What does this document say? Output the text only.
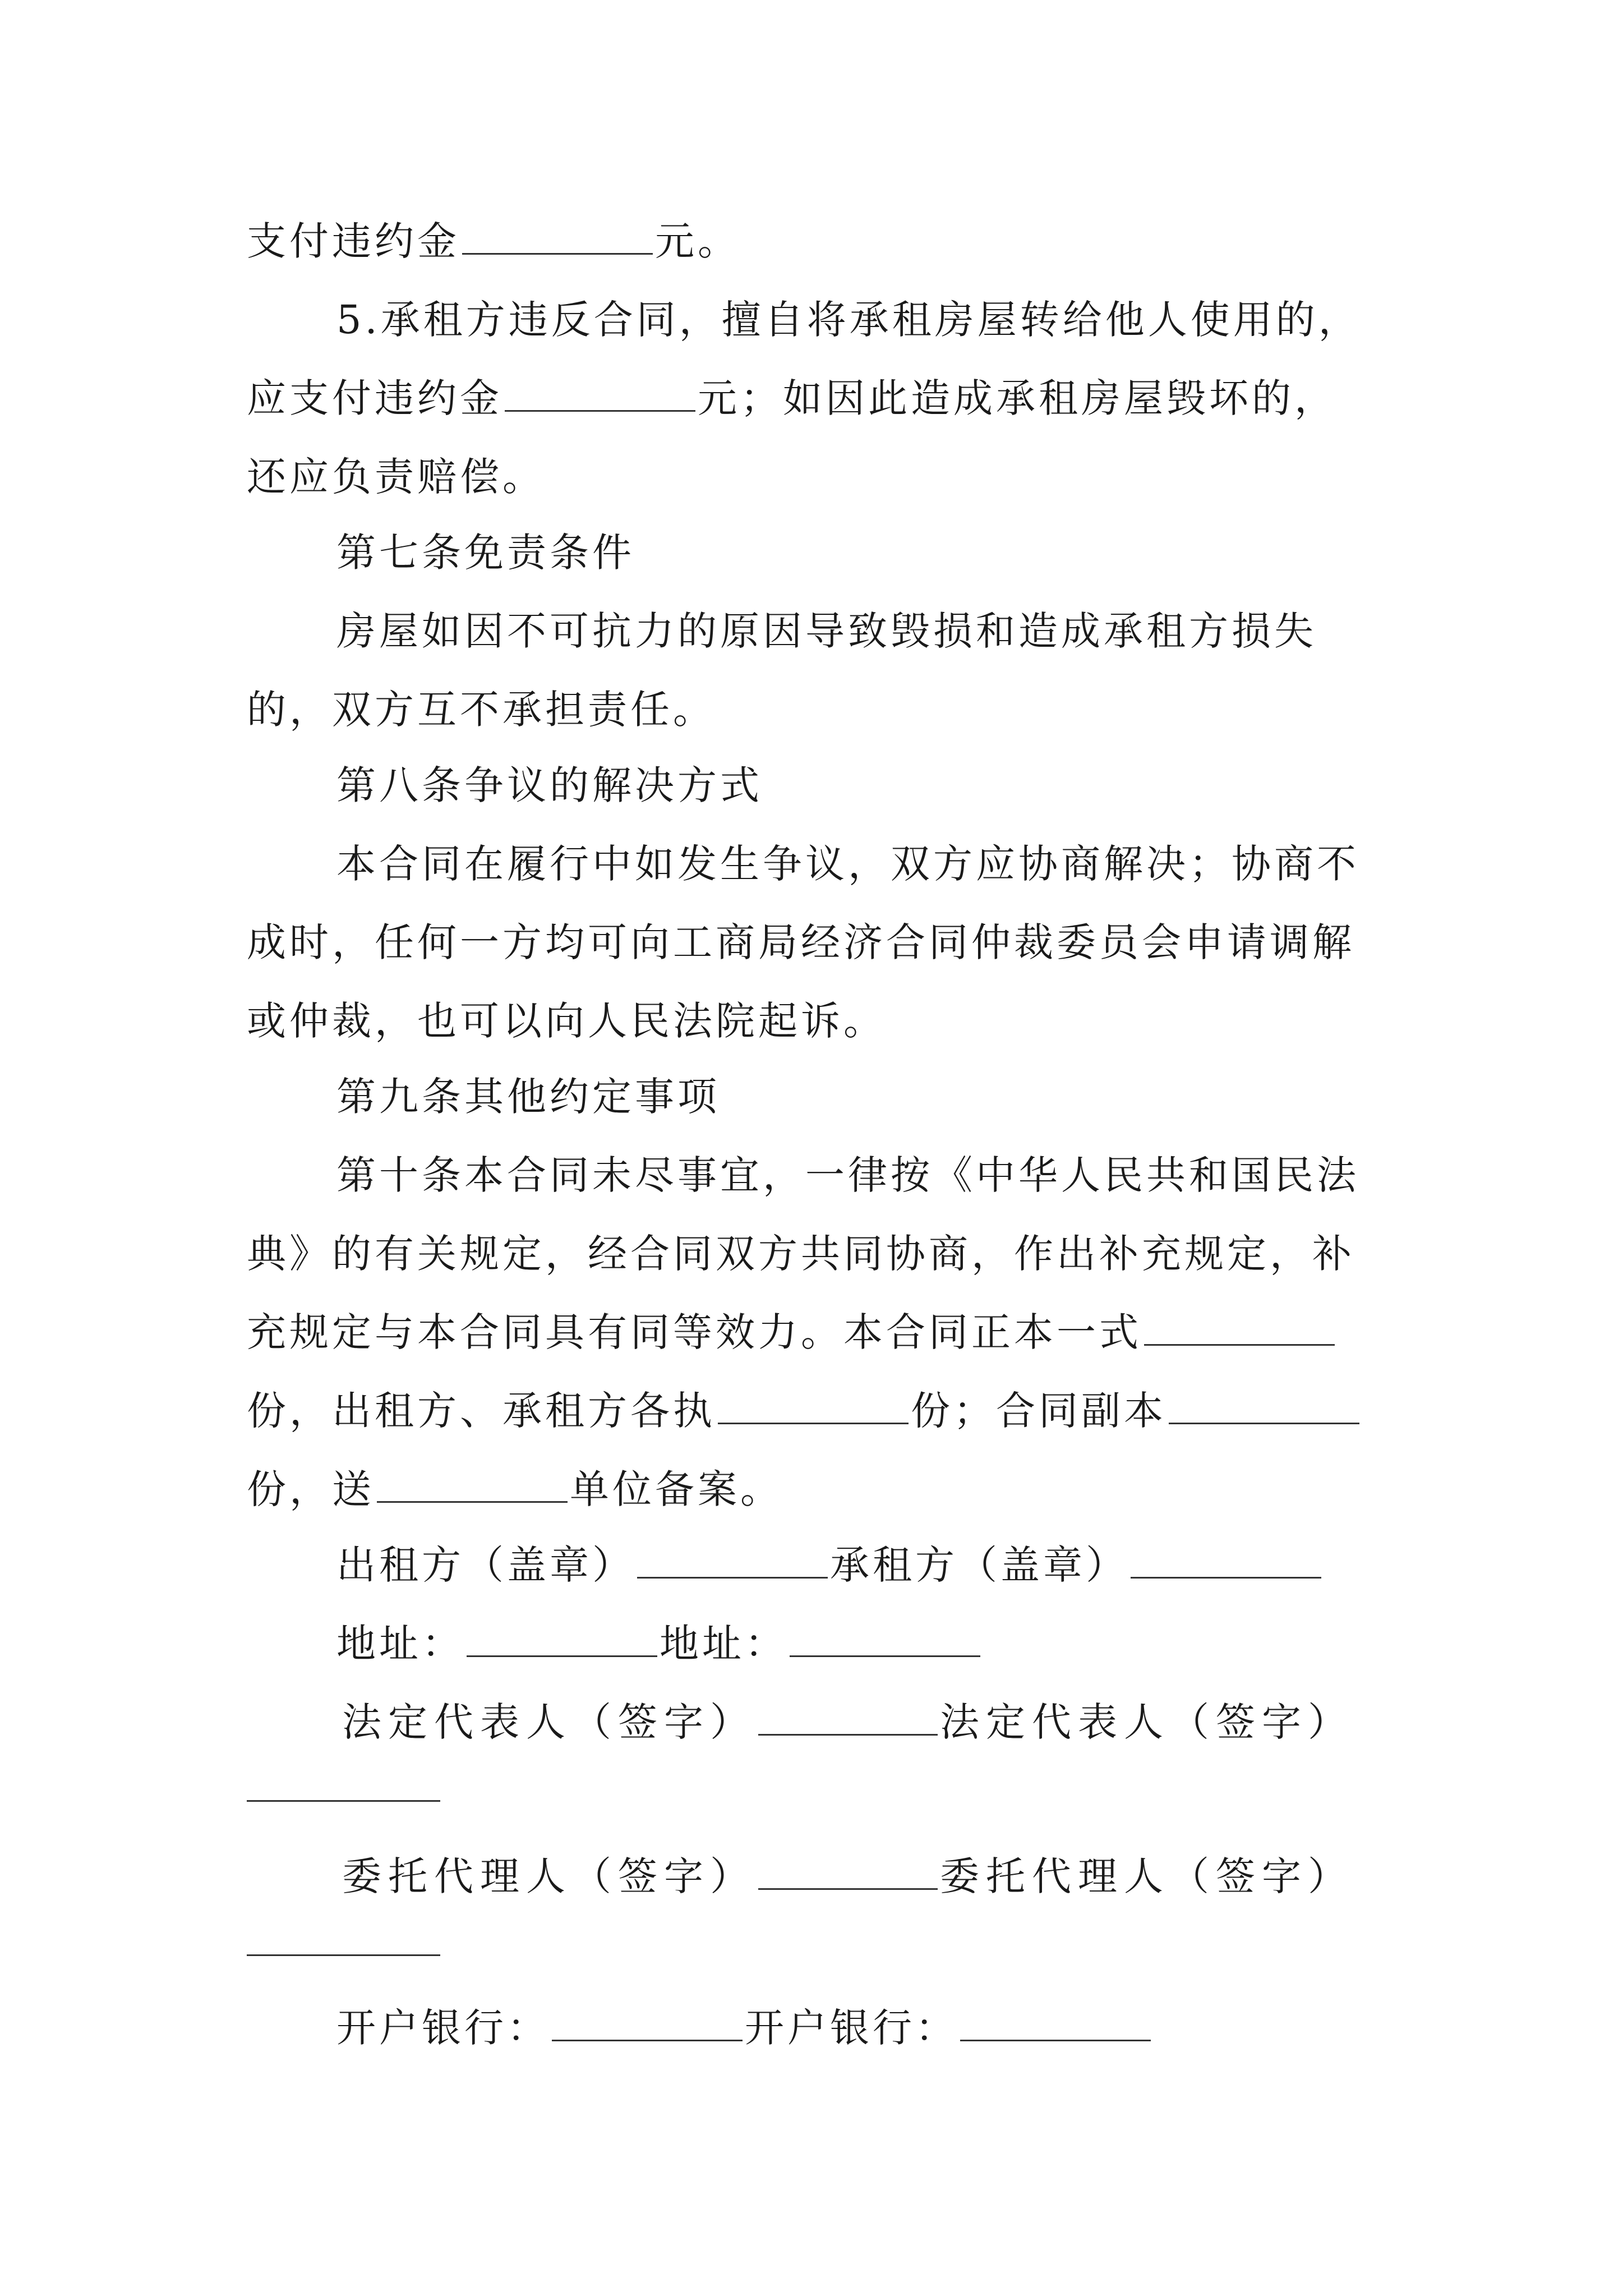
支付违约金	元。
5.承租方违反合同，擅自将承租房屋转给他人使用的，
应支付违约金	元；如因此造成承租房屋毁坏的，
还应负责赔偿。
第七条免责条件
房屋如因不可抗力的原因导致毁损和造成承租方损失
的，双方互不承担责任。
第八条争议的解决方式
本合同在履行中如发生争议，双方应协商解决；协商不
成时，任何一方均可向工商局经济合同仲裁委员会申请调解
或仲裁，也可以向人民法院起诉。
第九条其他约定事项
第十条本合同未尽事宜，一律按《中华人民共和国民法
典》的有关规定，经合同双方共同协商，作出补充规定，补
充规定与本合同具有同等效力。本合同正本一式
份，出租方、承租方各执	份；合同副本
份，送	单位备案。
出租方（盖章）	承租方（盖章）
地址：	地址：
法定代表人（签字）	法定代表人（签字）
委托代理人（签字）	委托代理人（签字）
开户银行：	开户银行：
